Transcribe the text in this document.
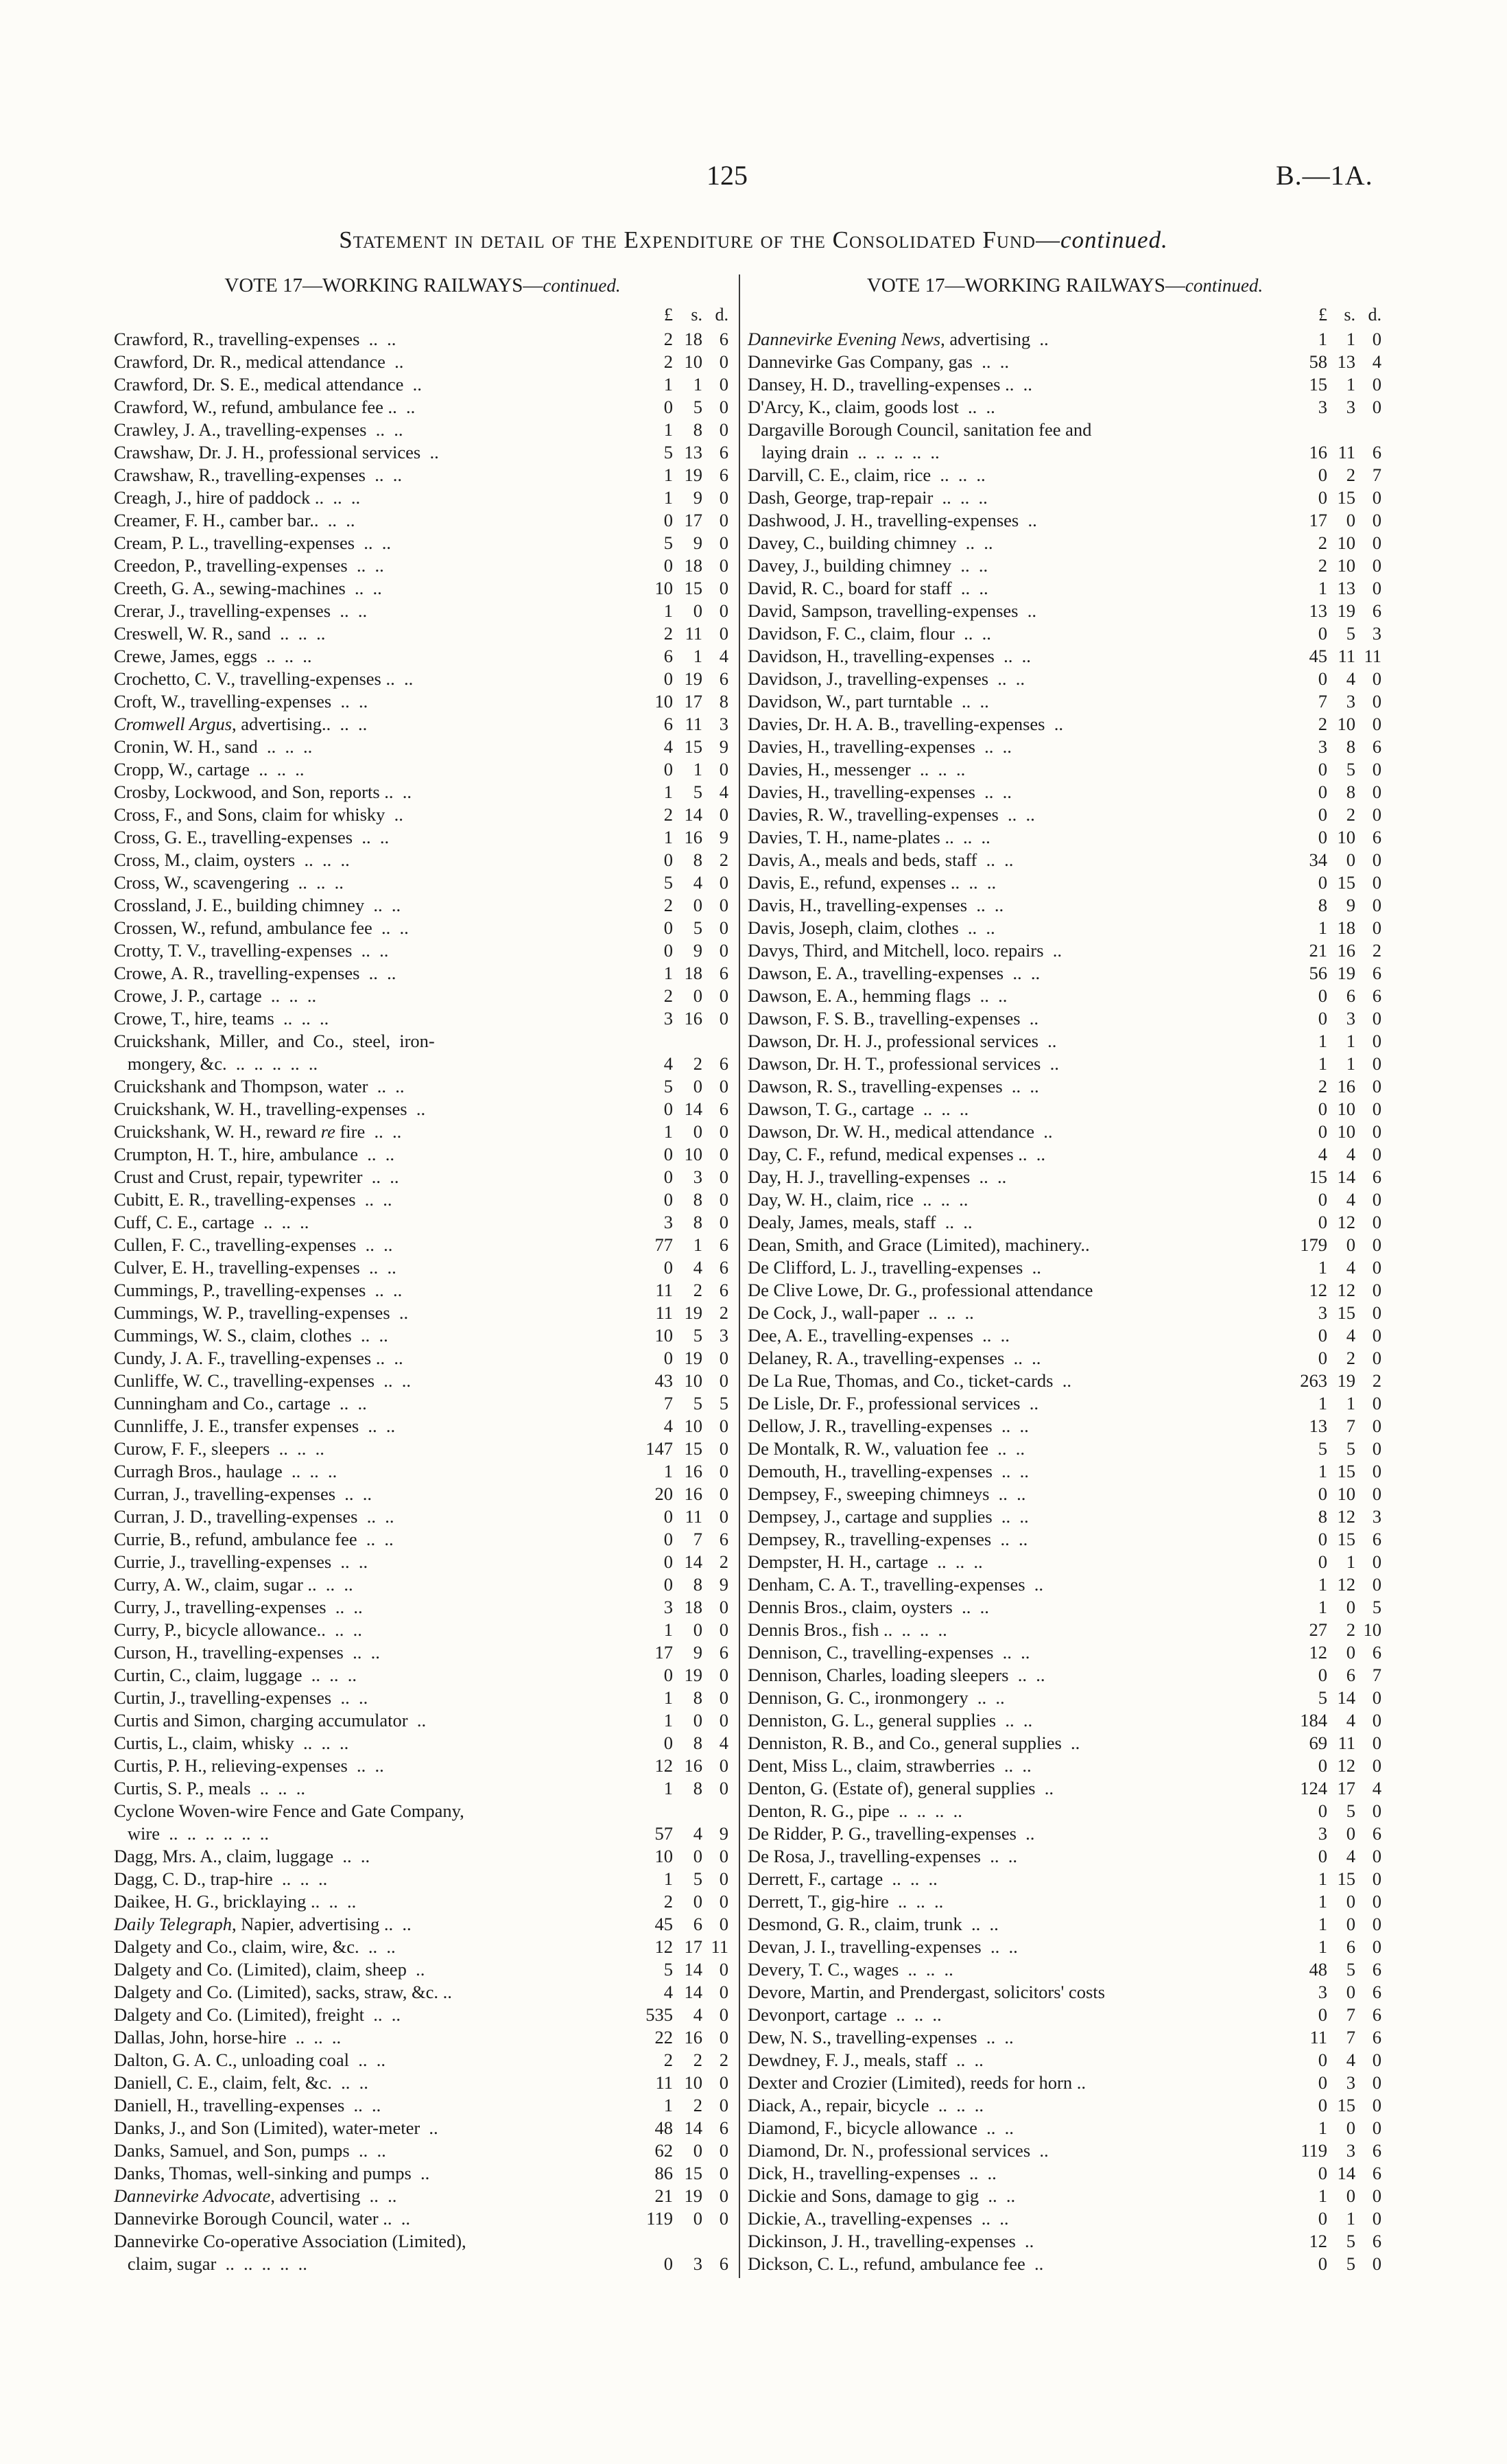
125	B.—1A.
Statement in detail of the Expenditure of the Consolidated Fund—continued.
VOTE 17—WORKING RAILWAYS—continued.
£	s. d.
Crawford, R., travelling-expenses  ..  ..	2 18 6
Crawford, Dr. R., medical attendance  ..	2 10 0
Crawford, Dr. S. E., medical attendance  ..	1	1 0
Crawford, W., refund, ambulance fee ..  ..	0	5 0
Crawley, J. A., travelling-expenses  ..  ..	1	8 0
Crawshaw, Dr. J. H., professional services  ..	5 13 6
Crawshaw, R., travelling-expenses  ..  ..	1 19 6
Creagh, J., hire of paddock ..  ..  ..	1	9 0
Creamer, F. H., camber bar..  ..  ..	0 17 0
Cream, P. L., travelling-expenses  ..  ..	5	9 0
Creedon, P., travelling-expenses  ..  ..	0 18 0
Creeth, G. A., sewing-machines  ..  ..	10 15 0
Crerar, J., travelling-expenses  ..  ..	1	0 0
Creswell, W. R., sand  ..  ..  ..	2 11 0
Crewe, James, eggs  ..  ..  ..	6	1 4
Crochetto, C. V., travelling-expenses ..  ..	0 19 6
Croft, W., travelling-expenses  ..  ..	10 17 8
Cromwell Argus, advertising..  ..  ..	6 11 3
Cronin, W. H., sand  ..  ..  ..	4 15 9
Cropp, W., cartage  ..  ..  ..	0	1 0
Crosby, Lockwood, and Son, reports ..  ..	1	5 4
Cross, F., and Sons, claim for whisky  ..	2 14 0
Cross, G. E., travelling-expenses  ..  ..	1 16 9
Cross, M., claim, oysters  ..  ..  ..	0	8 2
Cross, W., scavengering  ..  ..  ..	5	4 0
Crossland, J. E., building chimney  ..  ..	2	0 0
Crossen, W., refund, ambulance fee  ..  ..	0	5 0
Crotty, T. V., travelling-expenses  ..  ..	0	9 0
Crowe, A. R., travelling-expenses  ..  ..	1 18 6
Crowe, J. P., cartage  ..  ..  ..	2	0 0
Crowe, T., hire, teams  ..  ..  ..	3 16 0
Cruickshank,  Miller,  and  Co.,  steel,  iron-
mongery, &c.  ..  ..  ..  ..  ..	4	2 6
Cruickshank and Thompson, water  ..  ..	5	0 0
Cruickshank, W. H., travelling-expenses  ..	0 14 6
Cruickshank, W. H., reward re fire  ..  ..	1	0 0
Crumpton, H. T., hire, ambulance  ..  ..	0 10 0
Crust and Crust, repair, typewriter  ..  ..	0	3 0
Cubitt, E. R., travelling-expenses  ..  ..	0	8 0
Cuff, C. E., cartage  ..  ..  ..	3	8 0
Cullen, F. C., travelling-expenses  ..  ..	77	1 6
Culver, E. H., travelling-expenses  ..  ..	0	4 6
Cummings, P., travelling-expenses  ..  ..	11	2 6
Cummings, W. P., travelling-expenses  ..	11 19 2
Cummings, W. S., claim, clothes  ..  ..	10	5 3
Cundy, J. A. F., travelling-expenses ..  ..	0 19 0
Cunliffe, W. C., travelling-expenses  ..  ..	43 10 0
Cunningham and Co., cartage  ..  ..	7	5 5
Cunnliffe, J. E., transfer expenses  ..  ..	4 10 0
Curow, F. F., sleepers  ..  ..  ..	147 15 0
Curragh Bros., haulage  ..  ..  ..	1 16 0
Curran, J., travelling-expenses  ..  ..	20 16 0
Curran, J. D., travelling-expenses  ..  ..	0 11 0
Currie, B., refund, ambulance fee  ..  ..	0	7 6
Currie, J., travelling-expenses  ..  ..	0 14 2
Curry, A. W., claim, sugar ..  ..  ..	0	8 9
Curry, J., travelling-expenses  ..  ..	3 18 0
Curry, P., bicycle allowance..  ..  ..	1	0 0
Curson, H., travelling-expenses  ..  ..	17	9 6
Curtin, C., claim, luggage  ..  ..  ..	0 19 0
Curtin, J., travelling-expenses  ..  ..	1	8 0
Curtis and Simon, charging accumulator  ..	1	0 0
Curtis, L., claim, whisky  ..  ..  ..	0	8 4
Curtis, P. H., relieving-expenses  ..  ..	12 16 0
Curtis, S. P., meals  ..  ..  ..	1	8 0
Cyclone Woven-wire Fence and Gate Company,
wire  ..  ..  ..  ..  ..  ..	57	4 9
Dagg, Mrs. A., claim, luggage  ..  ..	10	0 0
Dagg, C. D., trap-hire  ..  ..  ..	1	5 0
Daikee, H. G., bricklaying ..  ..  ..	2	0 0
Daily Telegraph, Napier, advertising ..  ..	45	6 0
Dalgety and Co., claim, wire, &c.  ..  ..	12 17 11
Dalgety and Co. (Limited), claim, sheep  ..	5 14 0
Dalgety and Co. (Limited), sacks, straw, &c. ..	4 14 0
Dalgety and Co. (Limited), freight  ..  ..	535	4 0
Dallas, John, horse-hire  ..  ..  ..	22 16 0
Dalton, G. A. C., unloading coal  ..  ..	2	2 2
Daniell, C. E., claim, felt, &c.  ..  ..	11 10 0
Daniell, H., travelling-expenses  ..  ..	1	2 0
Danks, J., and Son (Limited), water-meter  ..	48 14 6
Danks, Samuel, and Son, pumps  ..  ..	62	0 0
Danks, Thomas, well-sinking and pumps  ..	86 15 0
Dannevirke Advocate, advertising  ..  ..	21 19 0
Dannevirke Borough Council, water ..  ..	119	0 0
Dannevirke Co-operative Association (Limited),
claim, sugar  ..  ..  ..  ..  ..	0	3 6
VOTE 17—WORKING RAILWAYS—continued.
£ s. d.
Dannevirke Evening News, advertising  ..	1	1 0
Dannevirke Gas Company, gas  ..  ..	58 13 4
Dansey, H. D., travelling-expenses ..  ..	15	1 0
D'Arcy, K., claim, goods lost  ..  ..	3	3 0
Dargaville Borough Council, sanitation fee and
laying drain  ..  ..  ..  ..  ..	16 11 6
Darvill, C. E., claim, rice  ..  ..  ..	0	2 7
Dash, George, trap-repair  ..  ..  ..	0 15 0
Dashwood, J. H., travelling-expenses  ..	17	0 0
Davey, C., building chimney  ..  ..	2 10 0
Davey, J., building chimney  ..  ..	2 10 0
David, R. C., board for staff  ..  ..	1 13 0
David, Sampson, travelling-expenses  ..	13 19 6
Davidson, F. C., claim, flour  ..  ..	0	5 3
Davidson, H., travelling-expenses  ..  ..	45 11 11
Davidson, J., travelling-expenses  ..  ..	0	4 0
Davidson, W., part turntable  ..  ..	7	3 0
Davies, Dr. H. A. B., travelling-expenses  ..	2 10 0
Davies, H., travelling-expenses  ..  ..	3	8 6
Davies, H., messenger  ..  ..  ..	0	5 0
Davies, H., travelling-expenses  ..  ..	0	8 0
Davies, R. W., travelling-expenses  ..  ..	0	2 0
Davies, T. H., name-plates ..  ..  ..	0 10 6
Davis, A., meals and beds, staff  ..  ..	34	0 0
Davis, E., refund, expenses ..  ..  ..	0 15 0
Davis, H., travelling-expenses  ..  ..	8	9 0
Davis, Joseph, claim, clothes  ..  ..	1 18 0
Davys, Third, and Mitchell, loco. repairs  ..	21 16 2
Dawson, E. A., travelling-expenses  ..  ..	56 19 6
Dawson, E. A., hemming flags  ..  ..	0	6 6
Dawson, F. S. B., travelling-expenses  ..	0	3 0
Dawson, Dr. H. J., professional services  ..	1	1 0
Dawson, Dr. H. T., professional services  ..	1	1 0
Dawson, R. S., travelling-expenses  ..  ..	2 16 0
Dawson, T. G., cartage  ..  ..  ..	0 10 0
Dawson, Dr. W. H., medical attendance  ..	0 10 0
Day, C. F., refund, medical expenses ..  ..	4	4 0
Day, H. J., travelling-expenses  ..  ..	15 14 6
Day, W. H., claim, rice  ..  ..  ..	0	4 0
Dealy, James, meals, staff  ..  ..	0 12 0
Dean, Smith, and Grace (Limited), machinery..	179	0 0
De Clifford, L. J., travelling-expenses  ..	1	4 0
De Clive Lowe, Dr. G., professional attendance	12 12 0
De Cock, J., wall-paper  ..  ..  ..	3 15 0
Dee, A. E., travelling-expenses  ..  ..	0	4 0
Delaney, R. A., travelling-expenses  ..  ..	0	2 0
De La Rue, Thomas, and Co., ticket-cards  ..	263 19 2
De Lisle, Dr. F., professional services  ..	1	1 0
Dellow, J. R., travelling-expenses  ..  ..	13	7 0
De Montalk, R. W., valuation fee  ..  ..	5	5 0
Demouth, H., travelling-expenses  ..  ..	1 15 0
Dempsey, F., sweeping chimneys  ..  ..	0 10 0
Dempsey, J., cartage and supplies  ..  ..	8 12 3
Dempsey, R., travelling-expenses  ..  ..	0 15 6
Dempster, H. H., cartage  ..  ..  ..	0	1 0
Denham, C. A. T., travelling-expenses  ..	1 12 0
Dennis Bros., claim, oysters  ..  ..	1	0 5
Dennis Bros., fish ..  ..  ..  ..	27	2 10
Dennison, C., travelling-expenses  ..  ..	12	0 6
Dennison, Charles, loading sleepers  ..  ..	0	6 7
Dennison, G. C., ironmongery  ..  ..	5 14 0
Denniston, G. L., general supplies  ..  ..	184	4 0
Denniston, R. B., and Co., general supplies  ..	69 11 0
Dent, Miss L., claim, strawberries  ..  ..	0 12 0
Denton, G. (Estate of), general supplies  ..	124 17 4
Denton, R. G., pipe  ..  ..  ..  ..	0	5 0
De Ridder, P. G., travelling-expenses  ..	3	0 6
De Rosa, J., travelling-expenses  ..  ..	0	4 0
Derrett, F., cartage  ..  ..  ..	1 15 0
Derrett, T., gig-hire  ..  ..  ..	1	0 0
Desmond, G. R., claim, trunk  ..  ..	1	0 0
Devan, J. I., travelling-expenses  ..  ..	1	6 0
Devery, T. C., wages  ..  ..  ..	48	5 6
Devore, Martin, and Prendergast, solicitors' costs	3	0 6
Devonport, cartage  ..  ..  ..	0	7 6
Dew, N. S., travelling-expenses  ..  ..	11	7 6
Dewdney, F. J., meals, staff  ..  ..	0	4 0
Dexter and Crozier (Limited), reeds for horn ..	0	3 0
Diack, A., repair, bicycle  ..  ..  ..	0 15 0
Diamond, F., bicycle allowance  ..  ..	1	0 0
Diamond, Dr. N., professional services  ..	119	3 6
Dick, H., travelling-expenses  ..  ..	0 14 6
Dickie and Sons, damage to gig  ..  ..	1	0 0
Dickie, A., travelling-expenses  ..  ..	0	1 0
Dickinson, J. H., travelling-expenses  ..	12	5 6
Dickson, C. L., refund, ambulance fee  ..	0	5 0
